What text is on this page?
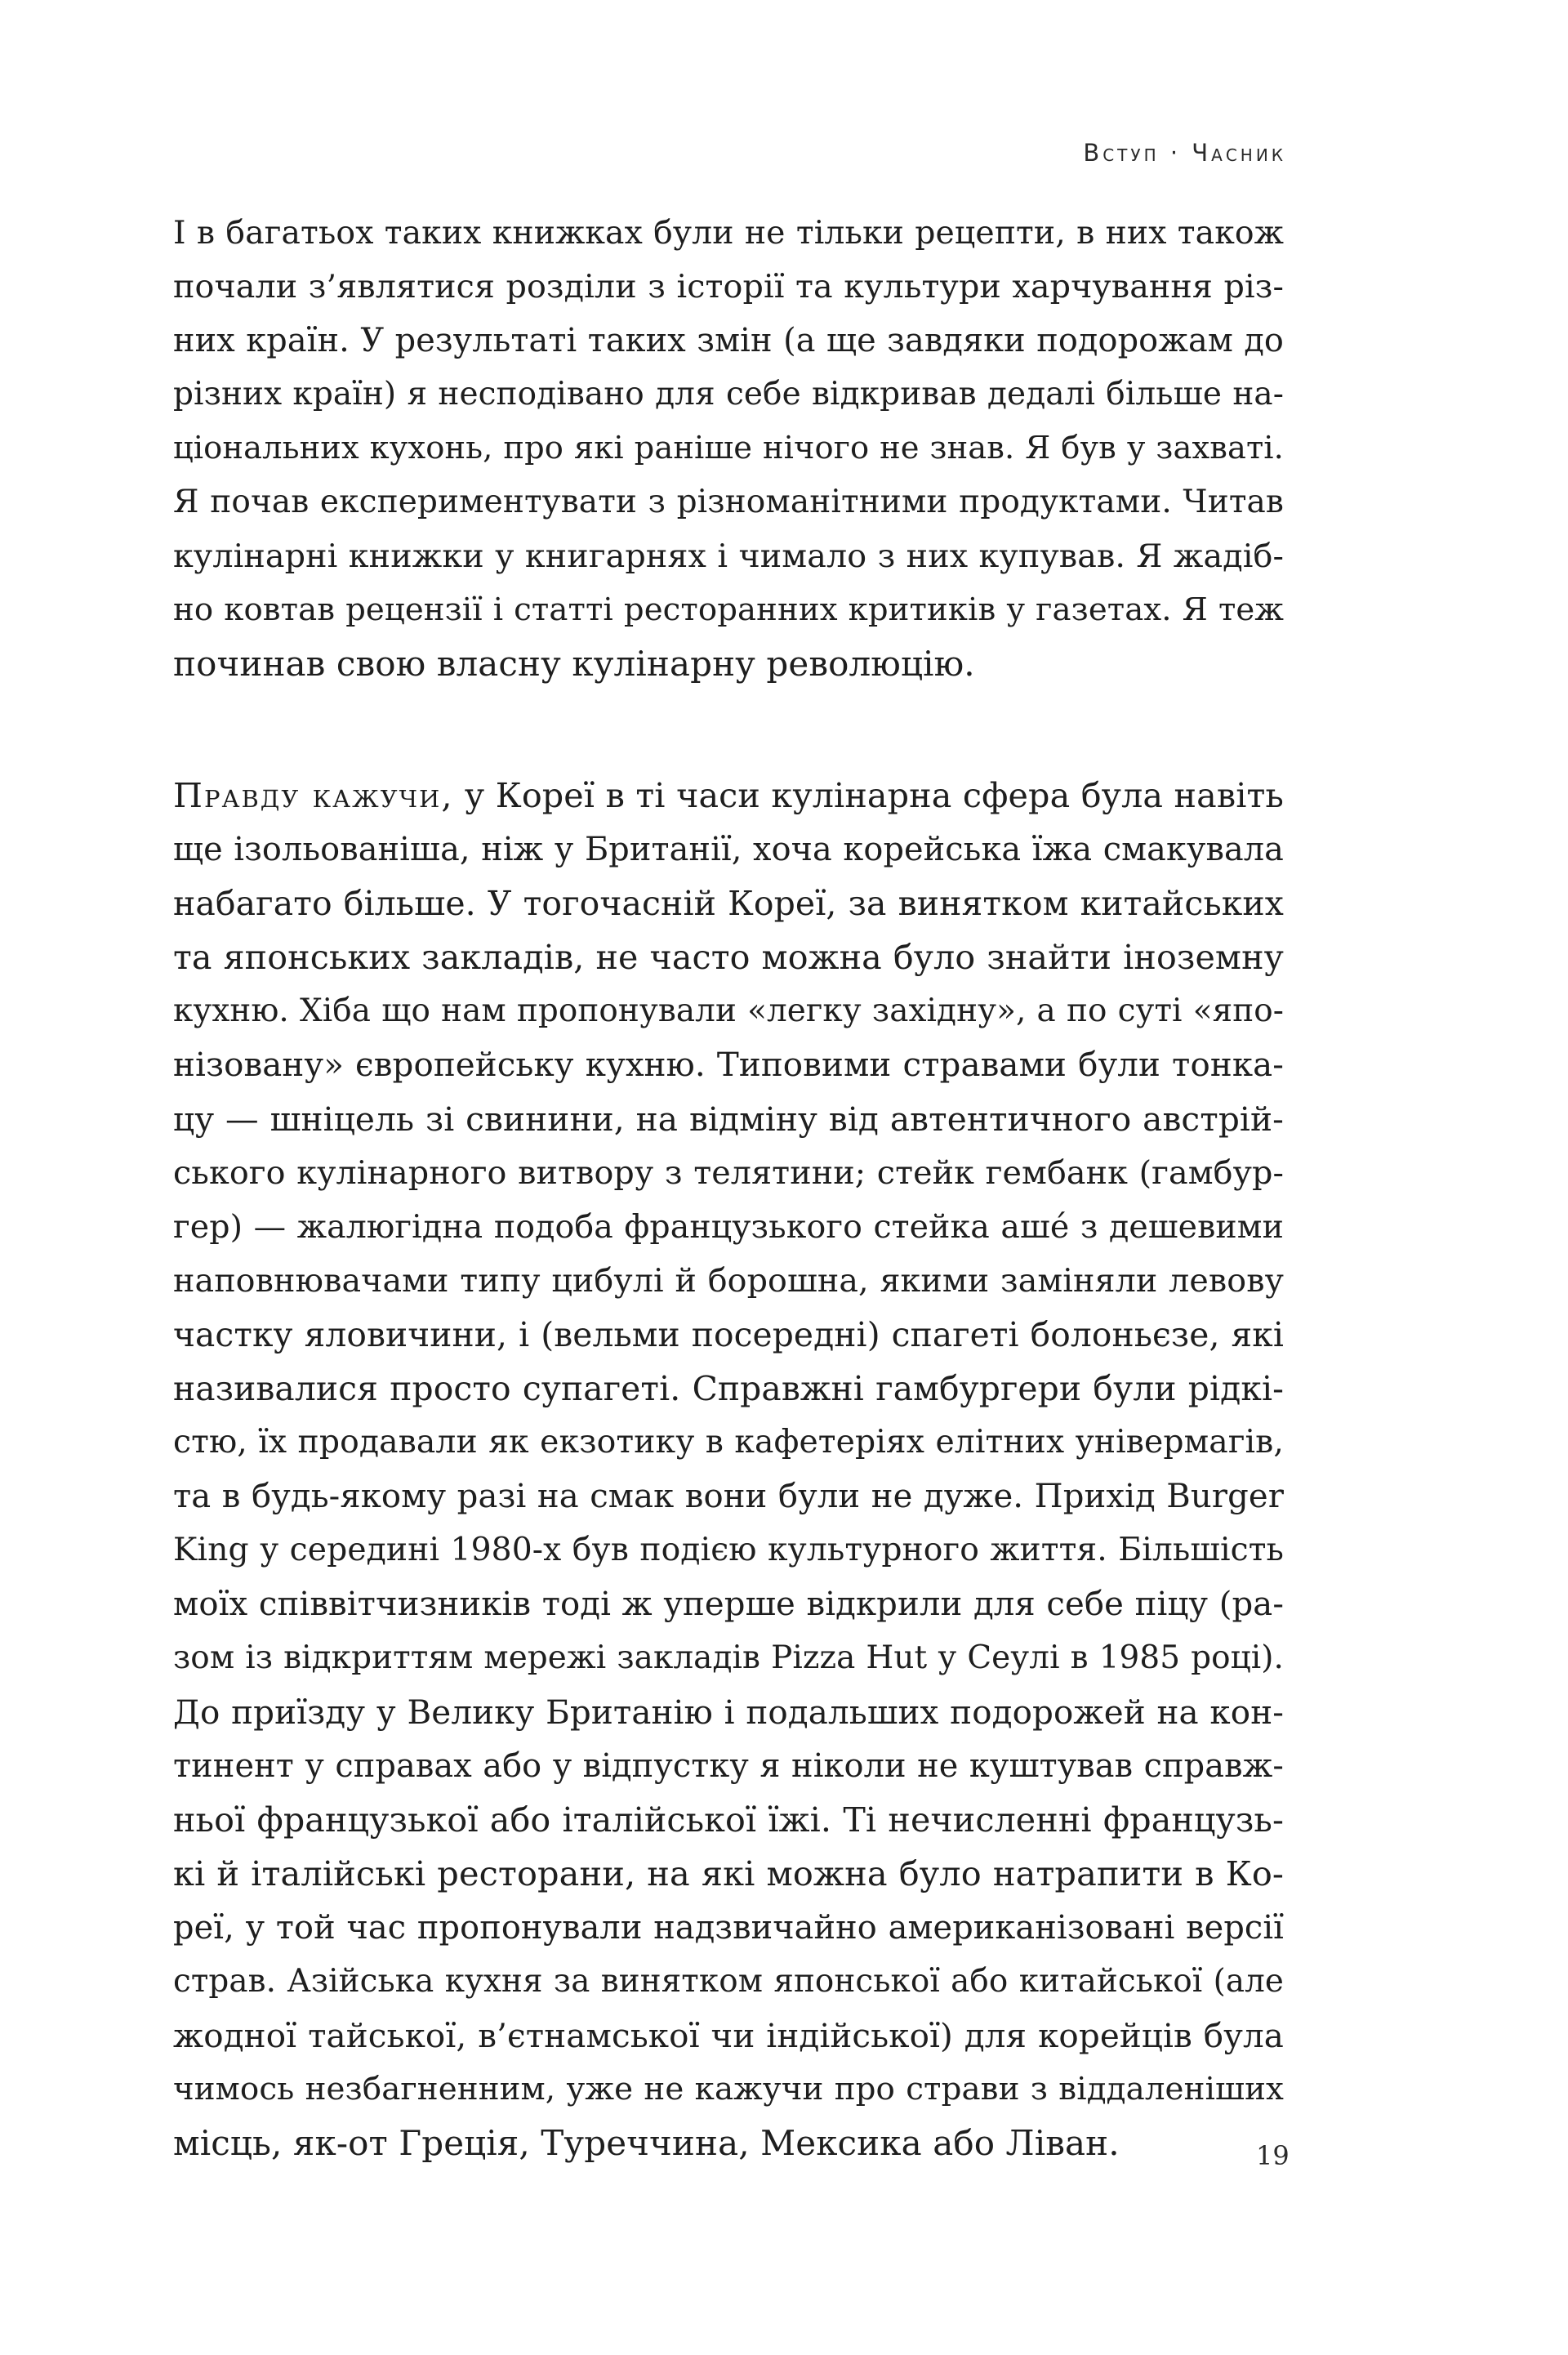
Вступ · Часник
І в багатьох таких книжках були не тільки рецепти, в них також
почали з’являтися розділи з історії та культури харчування різ-
них країн. У результаті таких змін (а ще завдяки подорожам до
різних країн) я несподівано для себе відкривав дедалі більше на-
ціональних кухонь, про які раніше нічого не знав. Я був у захваті.
Я почав експериментувати з різноманітними продуктами. Читав
кулінарні книжки у книгарнях і чимало з них купував. Я жадіб-
но ковтав рецензії і статті ресторанних критиків у газетах. Я теж
починав свою власну кулінарну революцію.
Правду кажучи, у Кореї в ті часи кулінарна сфера була навіть
ще ізольованіша, ніж у Британії, хоча корейська їжа смакувала
набагато більше. У тогочасній Кореї, за винятком китайських
та японських закладів, не часто можна було знайти іноземну
кухню. Хіба що нам пропонували «легку західну», а по суті «япо-
нізовану» європейську кухню. Типовими стравами були тонка-
цу — шніцель зі свинини, на відміну від автентичного австрій-
ського кулінарного витвору з телятини; стейк гембанк (гамбур-
гер) — жалюгідна подоба французького стейка аше́ з дешевими
наповнювачами типу цибулі й борошна, якими заміняли левову
частку яловичини, і (вельми посередні) спагеті болоньєзе, які
називалися просто супагеті. Справжні гамбургери були рідкі-
стю, їх продавали як екзотику в кафетеріях елітних універмагів,
та в будь-якому разі на смак вони були не дуже. Прихід Burger
King у середині 1980-х був подією культурного життя. Більшість
моїх співвітчизників тоді ж уперше відкрили для себе піцу (ра-
зом із відкриттям мережі закладів Pizza Hut у Сеулі в 1985 році).
До приїзду у Велику Британію і подальших подорожей на кон-
тинент у справах або у відпустку я ніколи не куштував справж-
ньої французької або італійської їжі. Ті нечисленні французь-
кі й італійські ресторани, на які можна було натрапити в Ко-
реї, у той час пропонували надзвичайно американізовані версії
страв. Азійська кухня за винятком японської або китайської (але
жодної тайської, в’єтнамської чи індійської) для корейців була
чимось незбагненним, уже не кажучи про страви з віддаленіших
місць, як-от Греція, Туреччина, Мексика або Ліван.	19
